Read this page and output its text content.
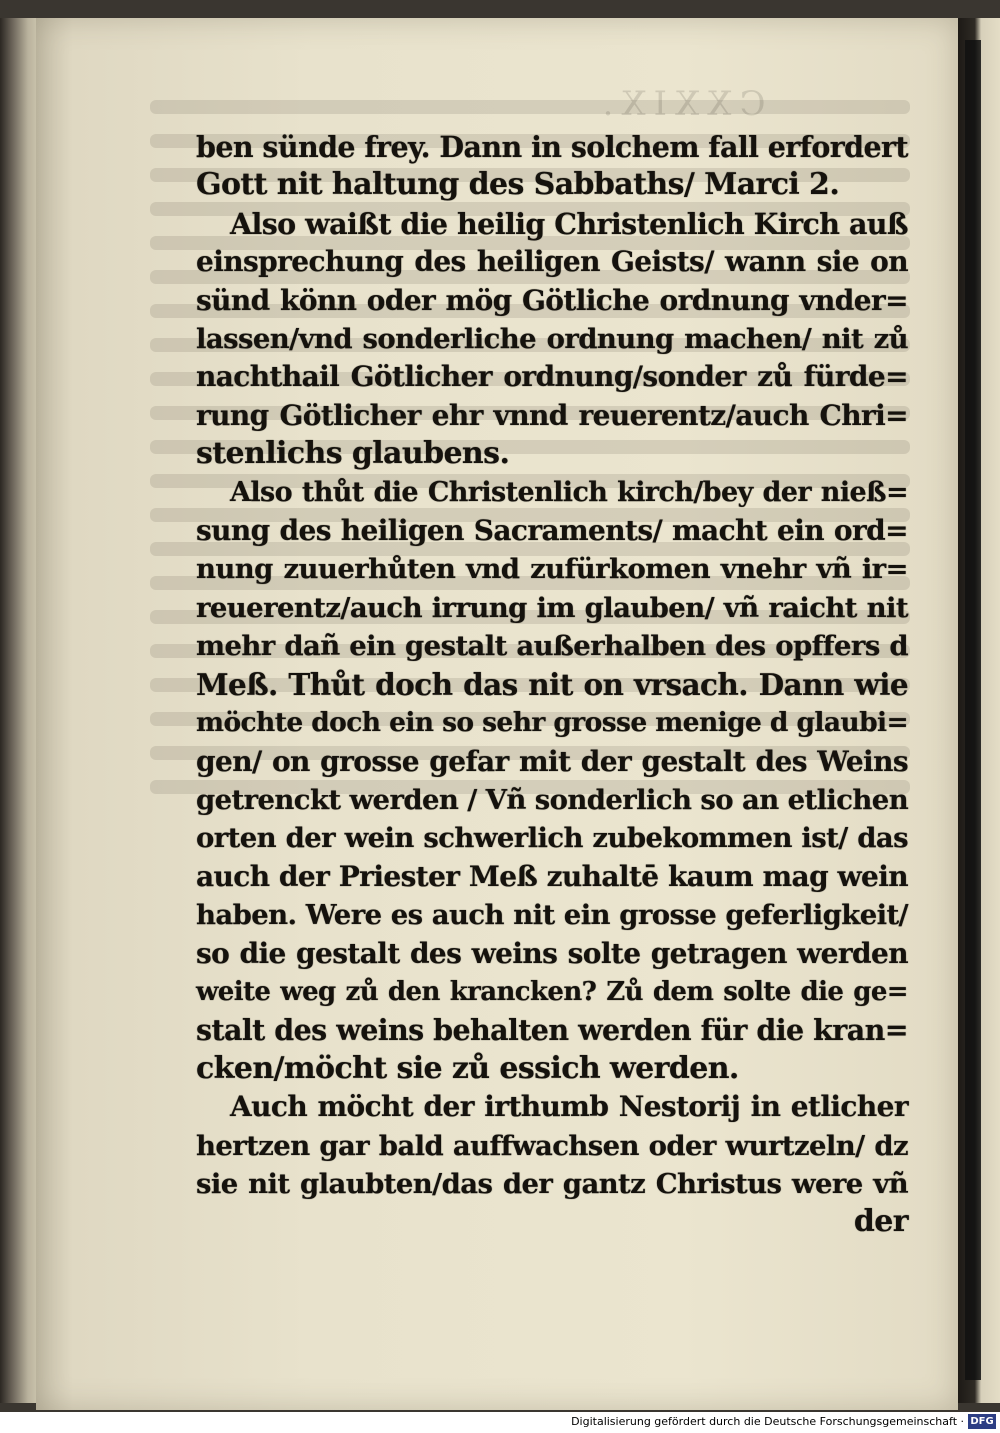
CXXIX.
ben sünde frey. Dann in solchem fall erfordert
Gott nit haltung des Sabbaths/ Marci 2.
Also waißt die heilig Christenlich Kirch auß
einsprechung des heiligen Geists/ wann sie on
sünd könn oder mög Götliche ordnung vnder=
lassen/vnd sonderliche ordnung machen/ nit zů
nachthail Götlicher ordnung/sonder zů fürde=
rung Götlicher ehr vnnd reuerentz/auch Chri=
stenlichs glaubens.
Also thůt die Christenlich kirch/bey der nieß=
sung des heiligen Sacraments/ macht ein ord=
nung zuuerhůten vnd zufürkomen vnehr vñ ir=
reuerentz/auch irrung im glauben/ vñ raicht nit
mehr dañ ein gestalt außerhalben des opffers d
Meß. Thůt doch das nit on vrsach. Dann wie
möchte doch ein so sehr grosse menige d glaubi=
gen/ on grosse gefar mit der gestalt des Weins
getrenckt werden / Vñ sonderlich so an etlichen
orten der wein schwerlich zubekommen ist/ das
auch der Priester Meß zuhaltē kaum mag wein
haben. Were es auch nit ein grosse geferligkeit/
so die gestalt des weins solte getragen werden
weite weg zů den krancken? Zů dem solte die ge=
stalt des weins behalten werden für die kran=
cken/möcht sie zů essich werden.
Auch möcht der irthumb Nestorij in etlicher
hertzen gar bald auffwachsen oder wurtzeln/ dz
sie nit glaubten/das der gantz Christus were vñ
der
Digitalisierung gefördert durch die Deutsche Forschungsgemeinschaft · DFG
